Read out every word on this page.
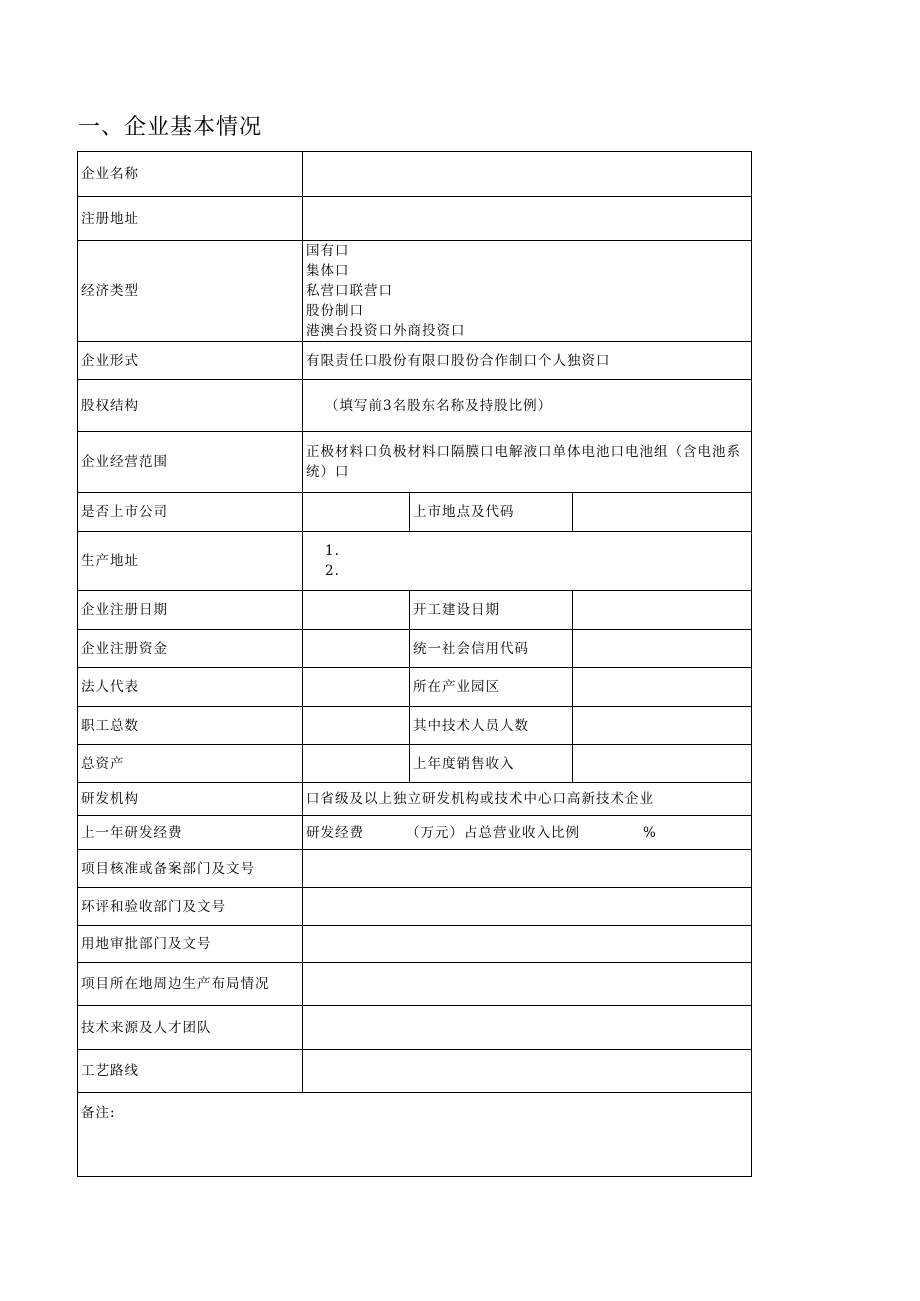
一、企业基本情况
企业名称			
注册地址			
经济类型	国有口
集体口
私营口联营口
股份制口
港澳台投资口外商投资口		

企业形式	有限责任口股份有限口股份合作制口个人独资口		
股权结构	（填写前3名股东名称及持股比例）		
企业经营范围	正极材料口负极材料口隔膜口电解液口单体电池口电池组（含电池系
统）口		

是否上市公司		上市地点及代码	
生产地址	1.
2.		

企业注册日期		开工建设日期	
企业注册资金		统一社会信用代码	
法人代表		所在产业园区	
职工总数		其中技术人员人数	
总资产		上年度销售收入	
研发机构	口省级及以上独立研发机构或技术中心口高新技术企业		
上一年研发经费	研发经费 （万元）占总营业收入比例 %		
项目核准或备案部门及文号			
环评和验收部门及文号			
用地审批部门及文号			
项目所在地周边生产布局情况			
技术来源及人才团队			
工艺路线			
备注:			
